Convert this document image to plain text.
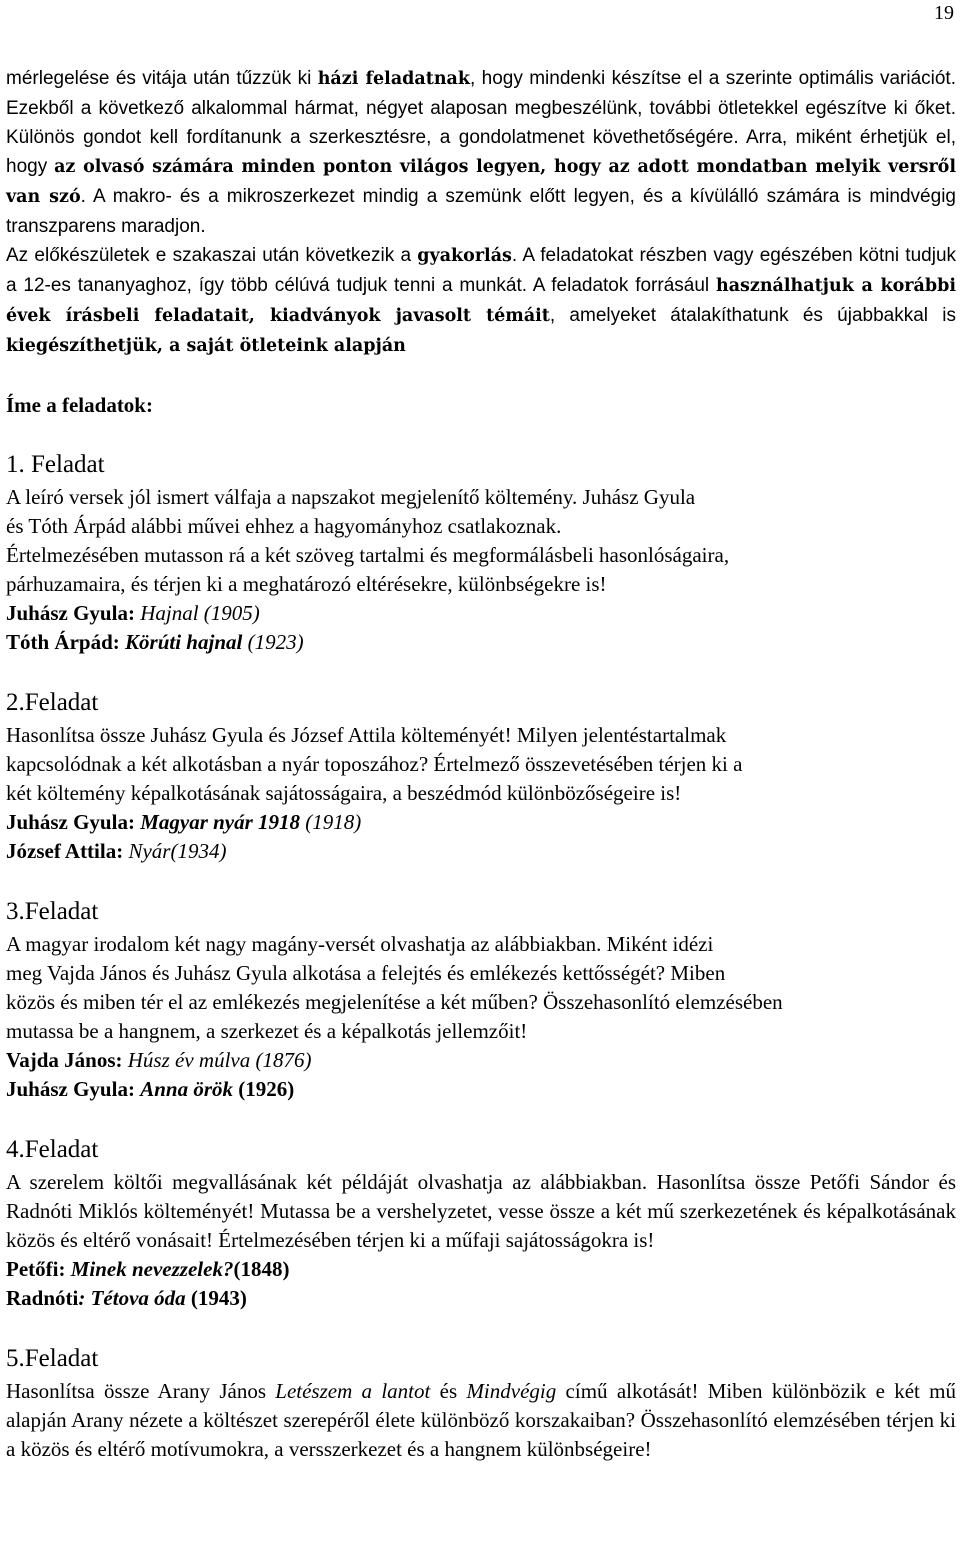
19

mérlegelése és vitája után tűzzük ki házi feladatnak, hogy mindenki készítse el a szerinte optimális variációt. Ezekből a következő alkalommal hármat, négyet alaposan megbeszélünk, további ötletekkel egészítve ki őket. Különös gondot kell fordítanunk a szerkesztésre, a gondolatmenet követhetőségére. Arra, miként érhetjük el, hogy az olvasó számára minden ponton világos legyen, hogy az adott mondatban melyik versről van szó. A makro- és a mikroszerkezet mindig a szemünk előtt legyen, és a kívülálló számára is mindvégig transzparens maradjon.

Az előkészületek e szakaszai után következik a gyakorlás. A feladatokat részben vagy egészében kötni tudjuk a 12-es tananyaghoz, így több célúvá tudjuk tenni a munkát. A feladatok forrásául használhatjuk a korábbi évek írásbeli feladatait, kiadványok javasolt témáit, amelyeket átalakíthatunk és újabbakkal is kiegészíthetjük, a saját ötleteink alapján

Íme a feladatok:
1. Feladat

A leíró versek jól ismert válfaja a napszakot megjelenítő költemény. Juhász Gyula

és Tóth Árpád alábbi művei ehhez a hagyományhoz csatlakoznak.

Értelmezésében mutasson rá a két szöveg tartalmi és megformálásbeli hasonlóságaira,

párhuzamaira, és térjen ki a meghatározó eltérésekre, különbségekre is!

Juhász Gyula: Hajnal (1905)

Tóth Árpád: Körúti hajnal (1923)

2.Feladat

Hasonlítsa össze Juhász Gyula és József Attila költeményét! Milyen jelentéstartalmak

kapcsolódnak a két alkotásban a nyár toposzához? Értelmező összevetésében térjen ki a

két költemény képalkotásának sajátosságaira, a beszédmód különbözőségeire is!

Juhász Gyula: Magyar nyár 1918 (1918)

József Attila: Nyár(1934)

3.Feladat

A magyar irodalom két nagy magány-versét olvashatja az alábbiakban. Miként idézi

meg Vajda János és Juhász Gyula alkotása a felejtés és emlékezés kettősségét? Miben

közös és miben tér el az emlékezés megjelenítése a két műben? Összehasonlító elemzésében

mutassa be a hangnem, a szerkezet és a képalkotás jellemzőit!

Vajda János: Húsz év múlva (1876)

Juhász Gyula: Anna örök (1926)

4.Feladat

A szerelem költői megvallásának két példáját olvashatja az alábbiakban. Hasonlítsa össze Petőfi Sándor és Radnóti Miklós költeményét! Mutassa be a vershelyzetet, vesse össze a két mű szerkezetének és képalkotásának közös és eltérő vonásait! Értelmezésében térjen ki a műfaji sajátosságokra is!

Petőfi: Minek nevezzelek?(1848)

Radnóti: Tétova óda (1943)

5.Feladat

Hasonlítsa össze Arany János Letészem a lantot és Mindvégig című alkotását! Miben különbözik e két mű alapján Arany nézete a költészet szerepéről élete különböző korszakaiban? Összehasonlító elemzésében térjen ki a közös és eltérő motívumokra, a versszerkezet és a hangnem különbségeire!
